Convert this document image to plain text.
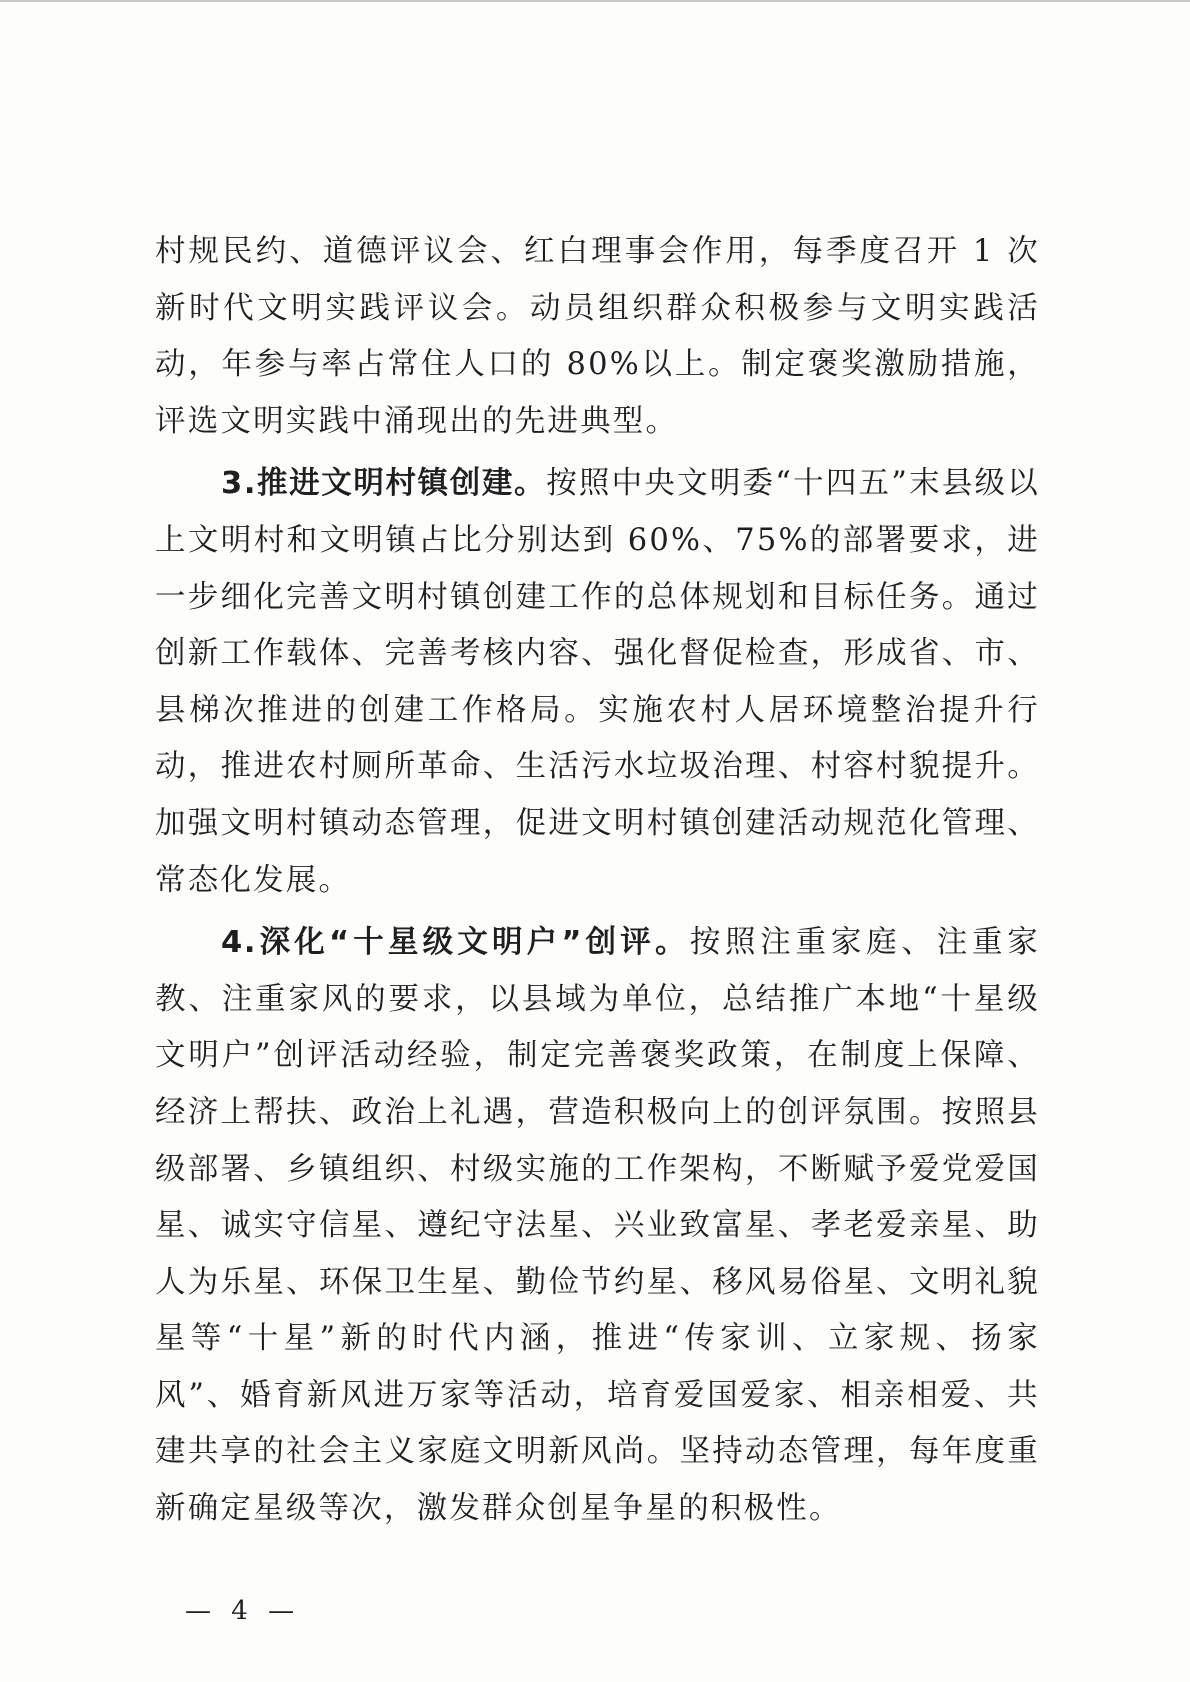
村规民约、道德评议会、红白理事会作用，每季度召开 1 次新时代文明实践评议会。动员组织群众积极参与文明实践活动，年参与率占常住人口的 80%以上。制定褒奖激励措施，评选文明实践中涌现出的先进典型。

3.推进文明村镇创建。按照中央文明委“十四五”末县级以上文明村和文明镇占比分别达到 60%、75%的部署要求，进一步细化完善文明村镇创建工作的总体规划和目标任务。通过创新工作载体、完善考核内容、强化督促检查，形成省、市、县梯次推进的创建工作格局。实施农村人居环境整治提升行动，推进农村厕所革命、生活污水垃圾治理、村容村貌提升。加强文明村镇动态管理，促进文明村镇创建活动规范化管理、常态化发展。

4.深化“十星级文明户”创评。按照注重家庭、注重家教、注重家风的要求，以县域为单位，总结推广本地“十星级文明户”创评活动经验，制定完善褒奖政策，在制度上保障、经济上帮扶、政治上礼遇，营造积极向上的创评氛围。按照县级部署、乡镇组织、村级实施的工作架构，不断赋予爱党爱国星、诚实守信星、遵纪守法星、兴业致富星、孝老爱亲星、助人为乐星、环保卫生星、勤俭节约星、移风易俗星、文明礼貌星等“十星”新的时代内涵，推进“传家训、立家规、扬家风”、婚育新风进万家等活动，培育爱国爱家、相亲相爱、共建共享的社会主义家庭文明新风尚。坚持动态管理，每年度重新确定星级等次，激发群众创星争星的积极性。

— 4 —
